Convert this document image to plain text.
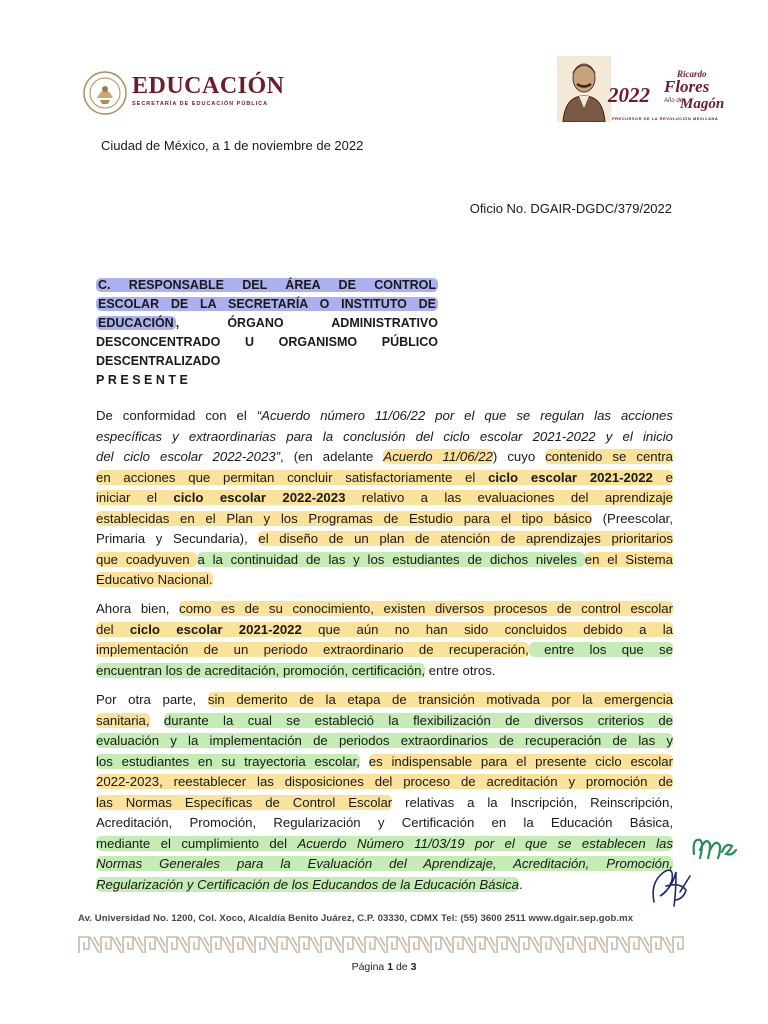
EDUCACIÓN
SECRETARÍA DE EDUCACIÓN PÚBLICA	2022
Ricardo
Flores
Año de
Magón
PRECURSOR DE LA REVOLUCIÓN MEXICANA
Ciudad de México, a 1 de noviembre de 2022
Oficio No. DGAIR-DGDC/379/2022
C. RESPONSABLE DEL ÁREA DE CONTROL
ESCOLAR DE LA SECRETARÍA O INSTITUTO DE
EDUCACIÓN , ÓRGANO ADMINISTRATIVO
DESCONCENTRADO U ORGANISMO PÚBLICO
DESCENTRALIZADO
PRESENTE
De conformidad con el “Acuerdo número 11/06/22 por el que se regulan las acciones
específicas y extraordinarias para la conclusión del ciclo escolar 2021-2022 y el inicio
del ciclo escolar 2022-2023”, (en adelante Acuerdo 11/06/22) cuyo contenido se centra
en acciones que permitan concluir satisfactoriamente el ciclo escolar 2021-2022 e
iniciar el ciclo escolar 2022-2023 relativo a las evaluaciones del aprendizaje
establecidas en el Plan y los Programas de Estudio para el tipo básico (Preescolar,
Primaria y Secundaria), el diseño de un plan de atención de aprendizajes prioritarios
que coadyuven a la continuidad de las y los estudiantes de dichos niveles en el Sistema
Educativo Nacional.
Ahora bien, como es de su conocimiento, existen diversos procesos de control escolar
del ciclo escolar 2021-2022 que aún no han sido concluidos debido a la
implementación de un periodo extraordinario de recuperación, entre los que se
encuentran los de acreditación, promoción, certificación, entre otros.
Por otra parte, sin demerito de la etapa de transición motivada por la emergencia
sanitaria, durante la cual se estableció la flexibilización de diversos criterios de
evaluación y la implementación de periodos extraordinarios de recuperación de las y
los estudiantes en su trayectoria escolar, es indispensable para el presente ciclo escolar
2022-2023, reestablecer las disposiciones del proceso de acreditación y promoción de
las Normas Específicas de Control Escolar relativas a la Inscripción, Reinscripción,
Acreditación, Promoción, Regularización y Certificación en la Educación Básica,
mediante el cumplimiento del Acuerdo Número 11/03/19 por el que se establecen las
Normas Generales para la Evaluación del Aprendizaje, Acreditación, Promoción,
Regularización y Certificación de los Educandos de la Educación Básica.
Av. Universidad No. 1200, Col. Xoco, Alcaldía Benito Juárez, C.P. 03330, CDMX Tel: (55) 3600 2511 www.dgair.sep.gob.mx
Página 1 de 3
